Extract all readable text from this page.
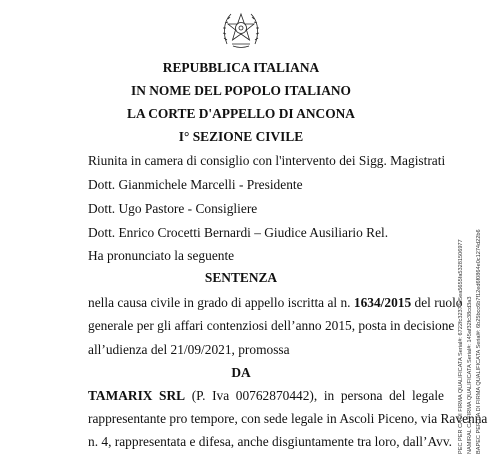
REPUBBLICA ITALIANA
IN NOME DEL POPOLO ITALIANO
LA CORTE D'APPELLO DI ANCONA
I° SEZIONE CIVILE
Riunita in camera di consiglio con l'intervento dei Sigg. Magistrati
Dott. Gianmichele Marcelli - Presidente
Dott. Ugo Pastore - Consigliere
Dott. Enrico Crocetti Bernardi – Giudice Ausiliario Rel.
Ha pronunciato la seguente
SENTENZA
nella causa civile in grado di appello iscritta al n. 1634/2015 del ruolo
generale per gli affari contenziosi dell’anno 2015, posta in decisione
all’udienza del 21/09/2021, promossa
DA
TAMARIX SRL (P. Iva 00762870442), in persona del legale
rappresentante pro tempore, con sede legale in Ascoli Piceno, via Ravenna
n. 4, rappresentata e difesa, anche disgiuntamente tra loro, dall’Avv. PEC PER CA DI FIRMA QUALIFICATA Serial#: 6722fc32373e5ea5655fa53281506977 NAMIRAL CA FIRMA QUALIFICATA Serial#: 145af32fc38cd3a3 BAPEC PER CA DI FIRMA QUALIFICATA Serial#: 6b25bcc6b7f12ed6f0864e0c1274d22b6
